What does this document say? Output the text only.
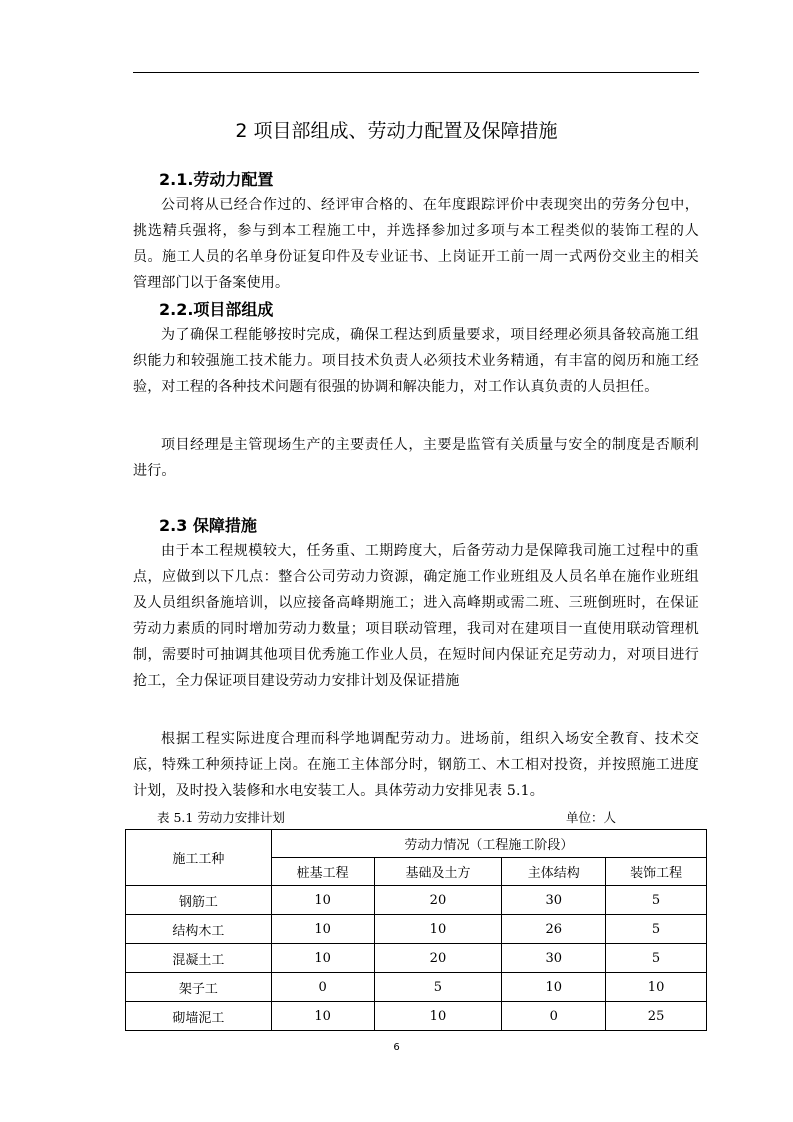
2 项目部组成、劳动力配置及保障措施
2.1.劳动力配置

公司将从已经合作过的、经评审合格的、在年度跟踪评价中表现突出的劳务分包中，挑选精兵强将，参与到本工程施工中，并选择参加过多项与本工程类似的装饰工程的人员。施工人员的名单身份证复印件及专业证书、上岗证开工前一周一式两份交业主的相关管理部门以于备案使用。

2.2.项目部组成

为了确保工程能够按时完成，确保工程达到质量要求，项目经理必须具备较高施工组织能力和较强施工技术能力。项目技术负责人必须技术业务精通，有丰富的阅历和施工经验，对工程的各种技术问题有很强的协调和解决能力，对工作认真负责的人员担任。

项目经理是主管现场生产的主要责任人，主要是监管有关质量与安全的制度是否顺利进行。

2.3 保障措施

由于本工程规模较大，任务重、工期跨度大，后备劳动力是保障我司施工过程中的重点，应做到以下几点：整合公司劳动力资源，确定施工作业班组及人员名单在施作业班组及人员组织备施培训，以应接备高峰期施工；进入高峰期或需二班、三班倒班时，在保证劳动力素质的同时增加劳动力数量；项目联动管理，我司对在建项目一直使用联动管理机制，需要时可抽调其他项目优秀施工作业人员，在短时间内保证充足劳动力，对项目进行抢工，全力保证项目建设劳动力安排计划及保证措施

根据工程实际进度合理而科学地调配劳动力。进场前，组织入场安全教育、技术交底，特殊工种须持证上岗。在施工主体部分时，钢筋工、木工相对投资，并按照施工进度计划，及时投入装修和水电安装工人。具体劳动力安排见表 5.1。

表 5.1 劳动力安排计划	单位：人
施工工种	劳动力情况（工程施工阶段）			
	桩基工程	基础及土方	主体结构	装饰工程
钢筋工	10	20	30	5
结构木工	10	10	26	5
混凝土工	10	20	30	5
架子工	0	5	10	10
砌墙泥工	10	10	0	25
6
